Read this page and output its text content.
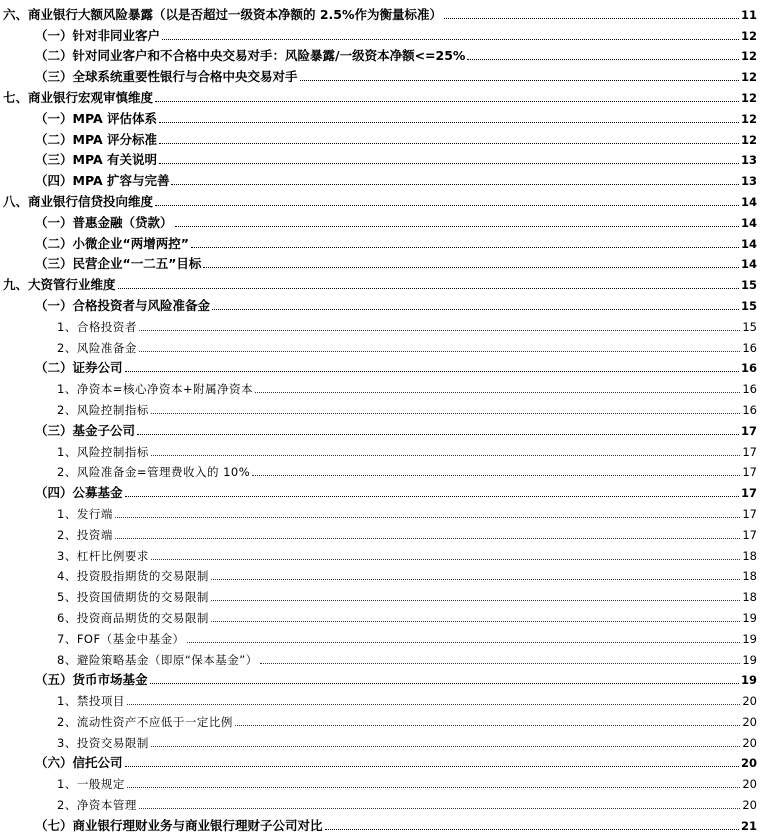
六、商业银行大额风险暴露（以是否超过一级资本净额的 2.5%作为衡量标准）	11
（一）针对非同业客户	12
（二）针对同业客户和不合格中央交易对手：风险暴露/一级资本净额<=25%	12
（三）全球系统重要性银行与合格中央交易对手	12
七、商业银行宏观审慎维度	12
（一）MPA 评估体系	12
（二）MPA 评分标准	12
（三）MPA 有关说明	13
（四）MPA 扩容与完善	13
八、商业银行信贷投向维度	14
（一）普惠金融（贷款）	14
（二）小微企业“两增两控”	14
（三）民营企业“一二五”目标	14
九、大资管行业维度	15
（一）合格投资者与风险准备金	15
1、合格投资者	15
2、风险准备金	16
（二）证券公司	16
1、净资本=核心净资本+附属净资本	16
2、风险控制指标	16
（三）基金子公司	17
1、风险控制指标	17
2、风险准备金=管理费收入的 10%	17
（四）公募基金	17
1、发行端	17
2、投资端	17
3、杠杆比例要求	18
4、投资股指期货的交易限制	18
5、投资国债期货的交易限制	18
6、投资商品期货的交易限制	19
7、FOF（基金中基金）	19
8、避险策略基金（即原“保本基金”）	19
（五）货币市场基金	19
1、禁投项目	20
2、流动性资产不应低于一定比例	20
3、投资交易限制	20
（六）信托公司	20
1、一般规定	20
2、净资本管理	20
（七）商业银行理财业务与商业银行理财子公司对比	21
